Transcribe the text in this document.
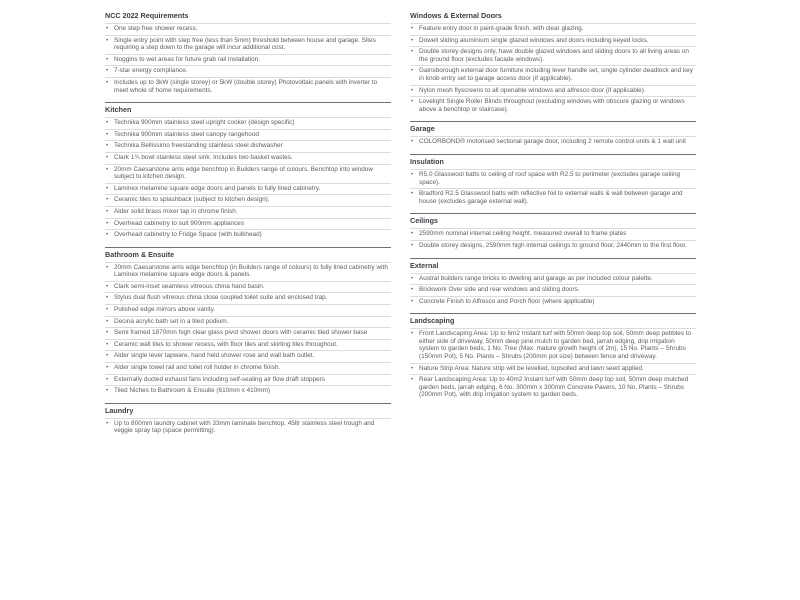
NCC 2022 Requirements
• One step free shower recess.
• Single entry point with step free (less than 5mm) threshold between house and garage. Sites requiring a step down to the garage will incur additional cost.
• Noggins to wet areas for future grab rail installation.
• 7-star energy compliance.
• Includes up to 3kW (single storey) or 5kW (double storey) Photovoltaic panels with inverter to meet whole of home requirements.
Kitchen
• Technika 900mm stainless steel upright cooker (design specific)
• Technika 900mm stainless steel canopy rangehood
• Technika Bellissimo freestanding stainless steel dishwasher
• Clark 1¾ bowl stainless steel sink. Includes two basket wastes.
• 20mm Caesarstone arris edge benchtop in Builders range of colours. Benchtop into window subject to kitchen design.
• Laminex melamine square edge doors and panels to fully lined cabinetry.
• Ceramic tiles to splashback (subject to kitchen design).
• Alder solid brass mixer tap in chrome finish.
• Overhead cabinetry to suit 900mm appliances
• Overhead cabinetry to Fridge Space (with bulkhead)
Bathroom & Ensuite
• 20mm Caesarstone arris edge benchtop (in Builders range of colours) to fully lined cabinetry with Laminex melamine square edge doors & panels.
• Clark semi-inset seamless vitreous china hand basin.
• Stylus dual flush vitreous china close coupled toilet suite and enclosed trap.
• Polished edge mirrors above vanity.
• Decina acrylic bath set in a tiled podium.
• Semi framed 1870mm high clear glass pivot shower doors with ceramic tiled shower base
• Ceramic wall tiles to shower recess, with floor tiles and skirting tiles throughout.
• Alder single lever tapware, hand held shower rose and wall bath outlet.
• Alder single towel rail and toilet roll holder in chrome finish.
• Externally ducted exhaust fans including self-sealing air flow draft stoppers
• Tiled Niches to Bathroom & Ensuite (610mm x 410mm)
Laundry
• Up to 800mm laundry cabinet with 33mm laminate benchtop, 45ltr stainless steel trough and veggie spray tap (space permitting).
Windows & External Doors
• Feature entry door in paint-grade finish, with clear glazing.
• Dowell sliding aluminium single glazed windows and doors including keyed locks.
• Double storey designs only, have double glazed windows and sliding doors to all living areas on the ground floor (excludes facade windows).
• Gainsborough external door furniture including lever handle set, single cylinder deadlock and key in knob entry set to garage access door (if applicable).
• Nylon mesh flyscreens to all openable windows and alfresco door (if applicable).
• Lovelight Single Roller Blinds throughout (excluding windows with obscure glazing or windows above a benchtop or staircase).
Garage
• COLORBOND® motorised sectional garage door, including 2 remote control units & 1 wall unit
Insulation
• R5.0 Glasswool batts to ceiling of roof space with R2.5 to perimeter (excludes garage ceiling space).
• Bradford R2.5 Glasswool batts with reflective foil to external walls & wall between garage and house (excludes garage external wall).
Ceilings
• 2590mm nominal internal ceiling height, measured overall to frame plates
• Double storey designs, 2590mm high internal ceilings to ground floor, 2440mm to the first floor.
External
• Austral builders range bricks to dwelling and garage as per included colour palette.
• Brickwork Over side and rear windows and sliding doors.
• Concrete Finish to Alfresco and Porch floor (where applicable)
Landscaping
• Front Landscaping Area: Up to 6m2 Instant turf with 50mm deep top soil, 50mm deep pebbles to either side of driveway, 50mm deep pine mulch to garden bed, jarrah edging, drip irrigation system to garden beds, 1 No. Tree (Max. mature growth height of 2m), 15 No. Plants – Shrubs (150mm Pot), 5 No. Plants – Shrubs (200mm pot size) between fence and driveway.
• Nature Strip Area: Nature strip will be levelled, topsoiled and lawn seed applied.
• Rear Landscaping Area: Up to 40m2 Instant turf with 50mm deep top soil, 50mm deep mulched garden beds, jarrah edging, 6 No. 300mm x 300mm Concrete Pavers, 10 No. Plants – Shrubs (200mm Pot), with drip irrigation system to garden beds.
